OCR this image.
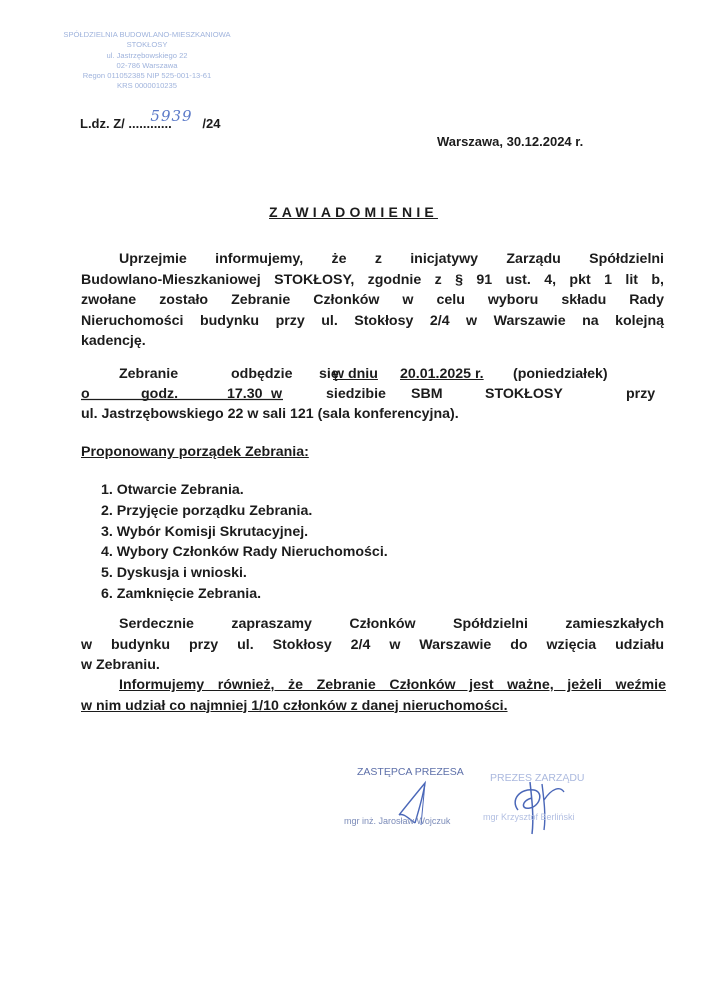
SPÓŁDZIELNIA BUDOWLANO-MIESZKANIOWA
STOKŁOSY
ul. Jastrzębowskiego 22
02-786 Warszawa
Regon 011052385 NIP 525-001-13-61
KRS 0000010235
L.dz. Z/ ............
5939 /24
Warszawa, 30.12.2024 r.
ZAWIADOMIENIE
Uprzejmie informujemy, że z inicjatywy Zarządu Spółdzielni
Budowlano-Mieszkaniowej STOKŁOSY, zgodnie z § 91 ust. 4, pkt 1 lit b,
zwołane zostało Zebranie Członków w celu wyboru składu Rady
Nieruchomości budynku przy ul. Stokłosy 2/4 w Warszawie na kolejną
kadencję.
Zebranie	odbędzie się
w dniu 20.01.2025 r. (poniedziałek)
o	godz.	17.30 w	siedzibie SBM	STOKŁOSY	przy
ul. Jastrzębowskiego 22 w sali 121 (sala konferencyjna).
Proponowany porządek Zebrania:
1. Otwarcie Zebrania.
2. Przyjęcie porządku Zebrania.
3. Wybór Komisji Skrutacyjnej.
4. Wybory Członków Rady Nieruchomości.
5. Dyskusja i wnioski.
6. Zamknięcie Zebrania.
Serdecznie zapraszamy Członków Spółdzielni zamieszkałych
w budynku przy ul. Stokłosy 2/4 w Warszawie do wzięcia udziału
w Zebraniu.
Informujemy również, że Zebranie Członków jest ważne, jeżeli weźmie
w nim udział co najmniej 1/10 członków z danej nieruchomości.
ZASTĘPCA PREZESA PREZES ZARZĄDU
mgr inż. Jarosław Wojczuk	mgr Krzysztof Berliński
